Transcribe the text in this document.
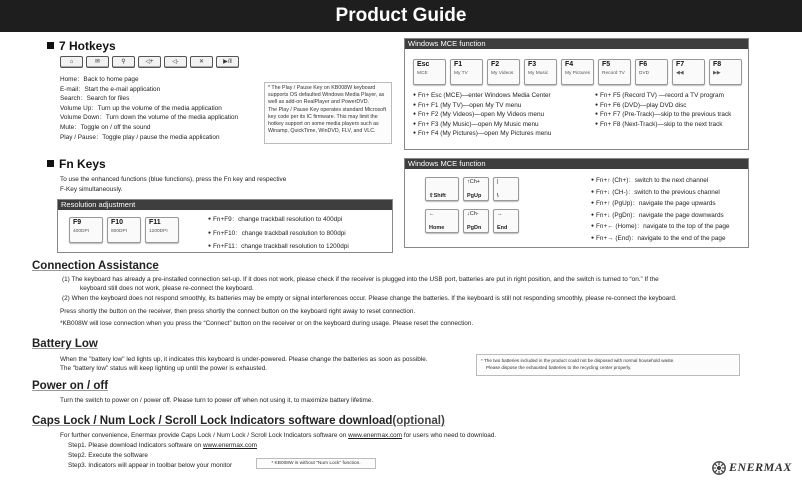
Product Guide
7 Hotkeys
⌂	✉	⚲	◁+	◁-	✕	▶/‖
Home：Back to home page
E-mail：Start the e-mail application
Search：Search for files
Volume Up：Turn up the volume of the media application
Volume Down：Turn down the volume of the media application
Mute：Toggle on / off the sound
Play / Pause：Toggle play / pause the media application
* The Play / Pause Key on KB008W keyboard supports OS defaulted Windows Media Player, as well as add-on RealPlayer and PowerDVD.
The Play / Pause Key operates standard Microsoft key code per its IC firmware. This may limit the hotkey support on some media players such as Winamp, QuickTime, WinDVD, FLV, and VLC.
Windows MCE function
Esc
MCE
F1
My TV
F2
My Videos
F3
My Music
F4
My Pictures
F5
Record TV
F6
DVD
F7
◀◀
F8
▶▶
● Fn+ Esc (MCE)—enter Windows Media Center
● Fn+ F1 (My TV)—open My TV menu
● Fn+ F2 (My Videos)—open My Videos menu
● Fn+ F3 (My Music)—open My Music menu
● Fn+ F4 (My Pictures)—open My Pictures menu
● Fn+ F5 (Record TV) —record a TV program
● Fn+ F6 (DVD)—play DVD disc
● Fn+ F7 (Pre-Track)—skip to the previous track
● Fn+ F8 (Next-Track)—skip to the next track
Fn Keys
To use the enhanced functions (blue functions), press the Fn key and respective
F-Key simultaneously.
Resolution adjustment
F9
400DPI
F10
800DPI
F11
1200DPI
● Fn+F9：change trackball resolution to 400dpi
● Fn+F10：change trackball resolution to 800dpi
● Fn+F11：change trackball resolution to 1200dpi
Windows MCE function
⇧Shift
↑Ch+
PgUp
|
\
←
Home
↓Ch-
PgDn
→
End
● Fn+↑ (Ch+)：switch to the next channel
● Fn+↓ (CH-)：switch to the previous channel
● Fn+↑ (PgUp)：navigate the page upwards
● Fn+↓ (PgDn)：navigate the page downwards
● Fn+← (Home)：navigate to the top of the page
● Fn+→ (End)：navigate to the end of the page
Connection Assistance
(1) The keyboard has already a pre-installed connection set-up. If it does not work, please check if the receiver is plugged into the USB port, batteries are put in right position, and the switch is turned to “on.” If the
keyboard still does not work, please re-connect the keyboard.
(2) When the keyboard does not respond smoothly, its batteries may be empty or signal interferences occur. Please change the batteries. If the keyboard is still not responding smoothly, please re-connect the keyboard.
Press shortly the button on the receiver, then press shortly the connect button on the keyboard right away to reset connection.
*KB008W will lose connection when you press the “Connect” button on the receiver or on the keyboard during usage. Please reset the connection.
Battery Low
When the "battery low" led lights up, it indicates this keyboard is under-powered. Please change the batteries as soon as possible.
The "battery low" status will keep lighting up until the power is exhausted.
* The two batteries included in the product could not be disposed with normal household waste.
Please dispose the exhausted batteries to the recycling center properly.
Power on / off
Turn the switch to power on / power off. Please turn to power off when not using it, to maximize battery lifetime.
Caps Lock / Num Lock / Scroll Lock Indicators software download(optional)
For further convenience, Enermax provide Caps Lock / Num Lock / Scroll Lock Indicators software on www.enermax.com for users who need to download.
Step1. Please download Indicators software on www.enermax.com
Step2. Execute the software
Step3. Indicators will appear in toolbar below your monitor	* KB008W is without "Num Lock" function.	ENERMAX
